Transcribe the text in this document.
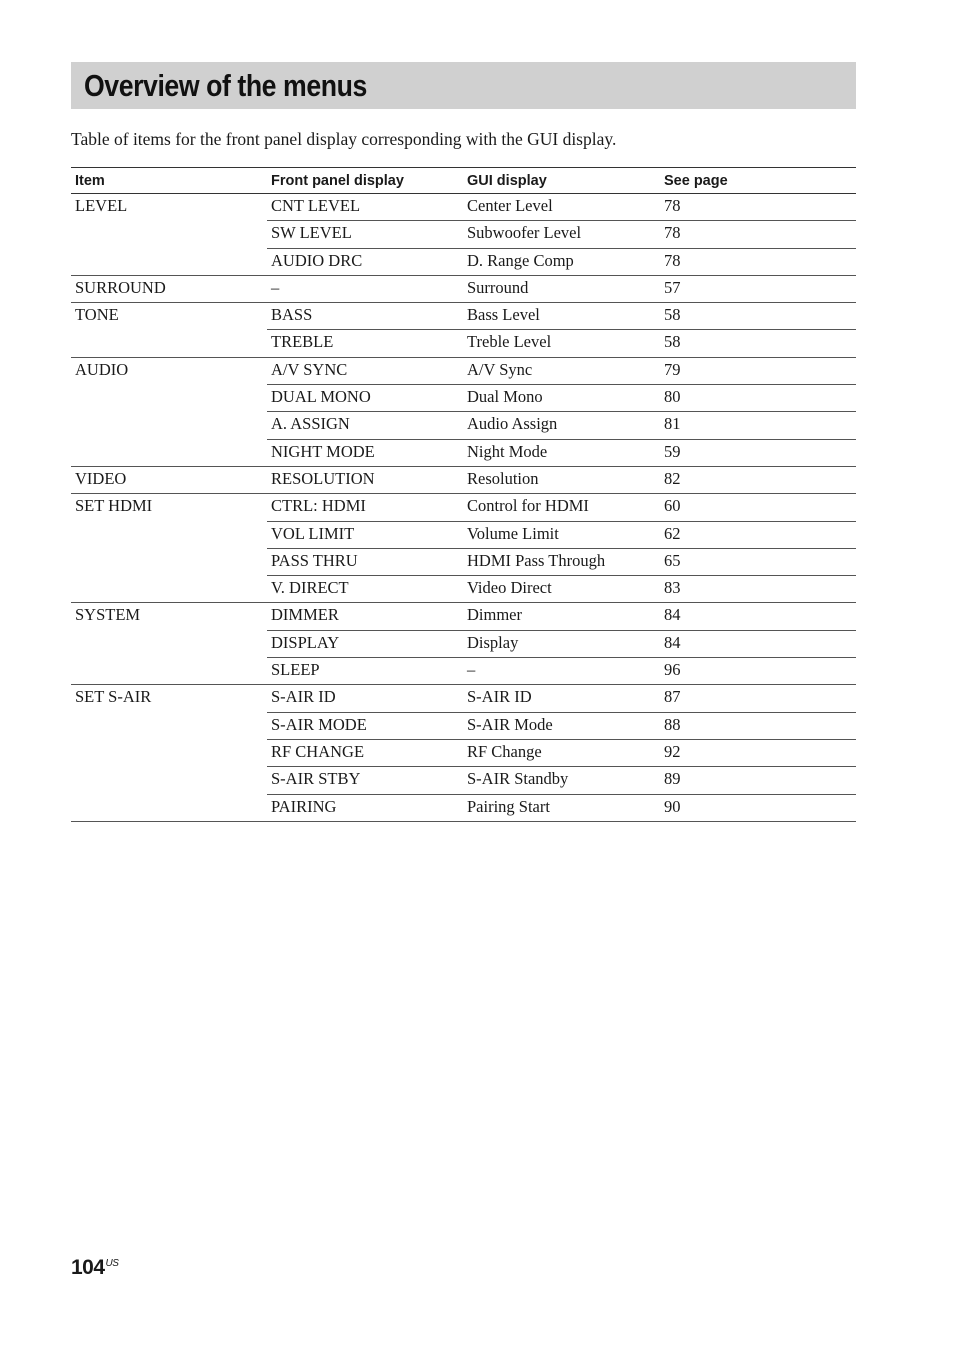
Overview of the menus

Table of items for the front panel display corresponding with the GUI display.

Item	Front panel display	GUI display	See page
LEVEL	CNT LEVEL	Center Level	78
	SW LEVEL	Subwoofer Level	78
	AUDIO DRC	D. Range Comp	78
SURROUND	–	Surround	57
TONE	BASS	Bass Level	58
	TREBLE	Treble Level	58
AUDIO	A/V SYNC	A/V Sync	79
	DUAL MONO	Dual Mono	80
	A. ASSIGN	Audio Assign	81
	NIGHT MODE	Night Mode	59
VIDEO	RESOLUTION	Resolution	82
SET HDMI	CTRL: HDMI	Control for HDMI	60
	VOL LIMIT	Volume Limit	62
	PASS THRU	HDMI Pass Through	65
	V. DIRECT	Video Direct	83
SYSTEM	DIMMER	Dimmer	84
	DISPLAY	Display	84
	SLEEP	–	96
SET S-AIR	S-AIR ID	S-AIR ID	87
	S-AIR MODE	S-AIR Mode	88
	RF CHANGE	RF Change	92
	S-AIR STBY	S-AIR Standby	89
	PAIRING	Pairing Start	90
$104^{US}$
